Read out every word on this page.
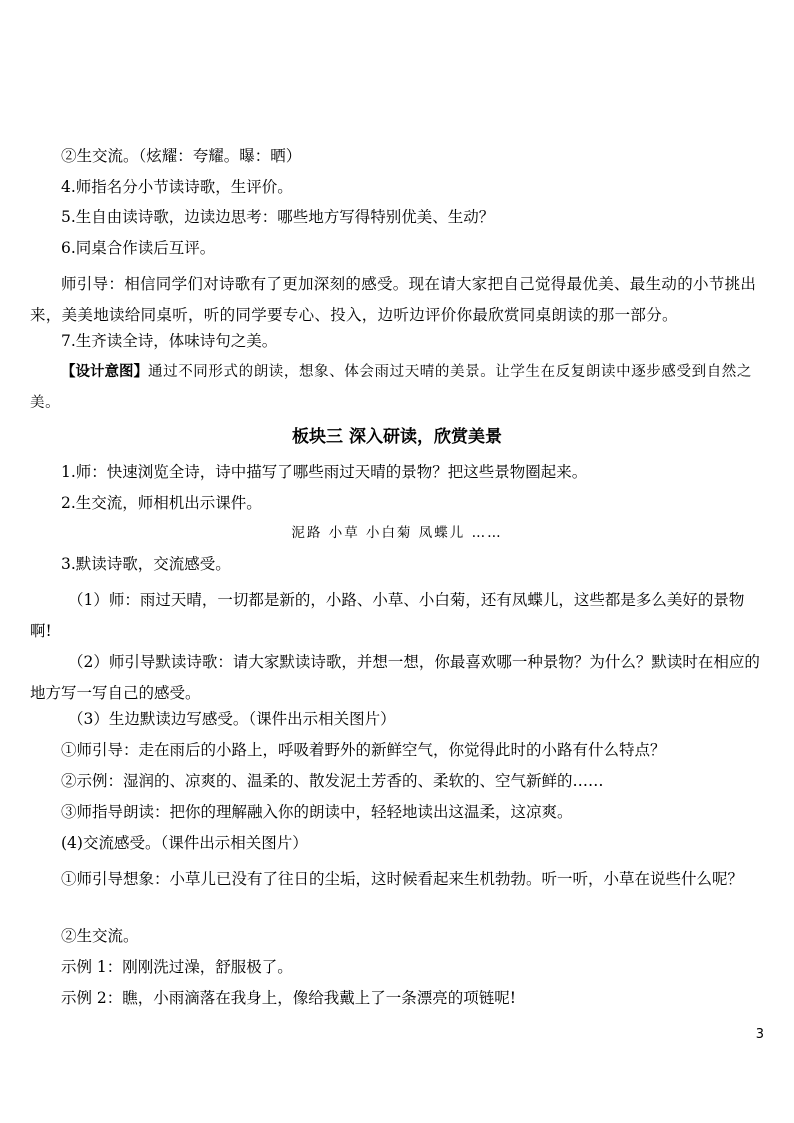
②生交流。（炫耀：夸耀。曝：晒）
4.师指名分小节读诗歌，生评价。
5.生自由读诗歌，边读边思考：哪些地方写得特别优美、生动？
6.同桌合作读后互评。
师引导：相信同学们对诗歌有了更加深刻的感受。现在请大家把自己觉得最优美、最生动的小节挑出来，美美地读给同桌听，听的同学要专心、投入，边听边评价你最欣赏同桌朗读的那一部分。
7.生齐读全诗，体味诗句之美。
【设计意图】通过不同形式的朗读，想象、体会雨过天晴的美景。让学生在反复朗读中逐步感受到自然之美。
板块三 深入研读，欣赏美景
1.师：快速浏览全诗，诗中描写了哪些雨过天晴的景物？把这些景物圈起来。
2.生交流，师相机出示课件。
泥路 小草 小白菊 凤蝶儿 ……
3.默读诗歌，交流感受。
（1）师：雨过天晴，一切都是新的，小路、小草、小白菊，还有凤蝶儿，这些都是多么美好的景物啊!
（2）师引导默读诗歌：请大家默读诗歌，并想一想，你最喜欢哪一种景物？为什么？默读时在相应的地方写一写自己的感受。
（3）生边默读边写感受。（课件出示相关图片）
①师引导：走在雨后的小路上，呼吸着野外的新鲜空气，你觉得此时的小路有什么特点？
②示例：湿润的、凉爽的、温柔的、散发泥土芳香的、柔软的、空气新鲜的……
③师指导朗读：把你的理解融入你的朗读中，轻轻地读出这温柔，这凉爽。
(4)交流感受。（课件出示相关图片）
①师引导想象：小草儿已没有了往日的尘垢，这时候看起来生机勃勃。听一听，小草在说些什么呢？
②生交流。
示例 1：刚刚洗过澡，舒服极了。
示例 2：瞧，小雨滴落在我身上，像给我戴上了一条漂亮的项链呢!
3
